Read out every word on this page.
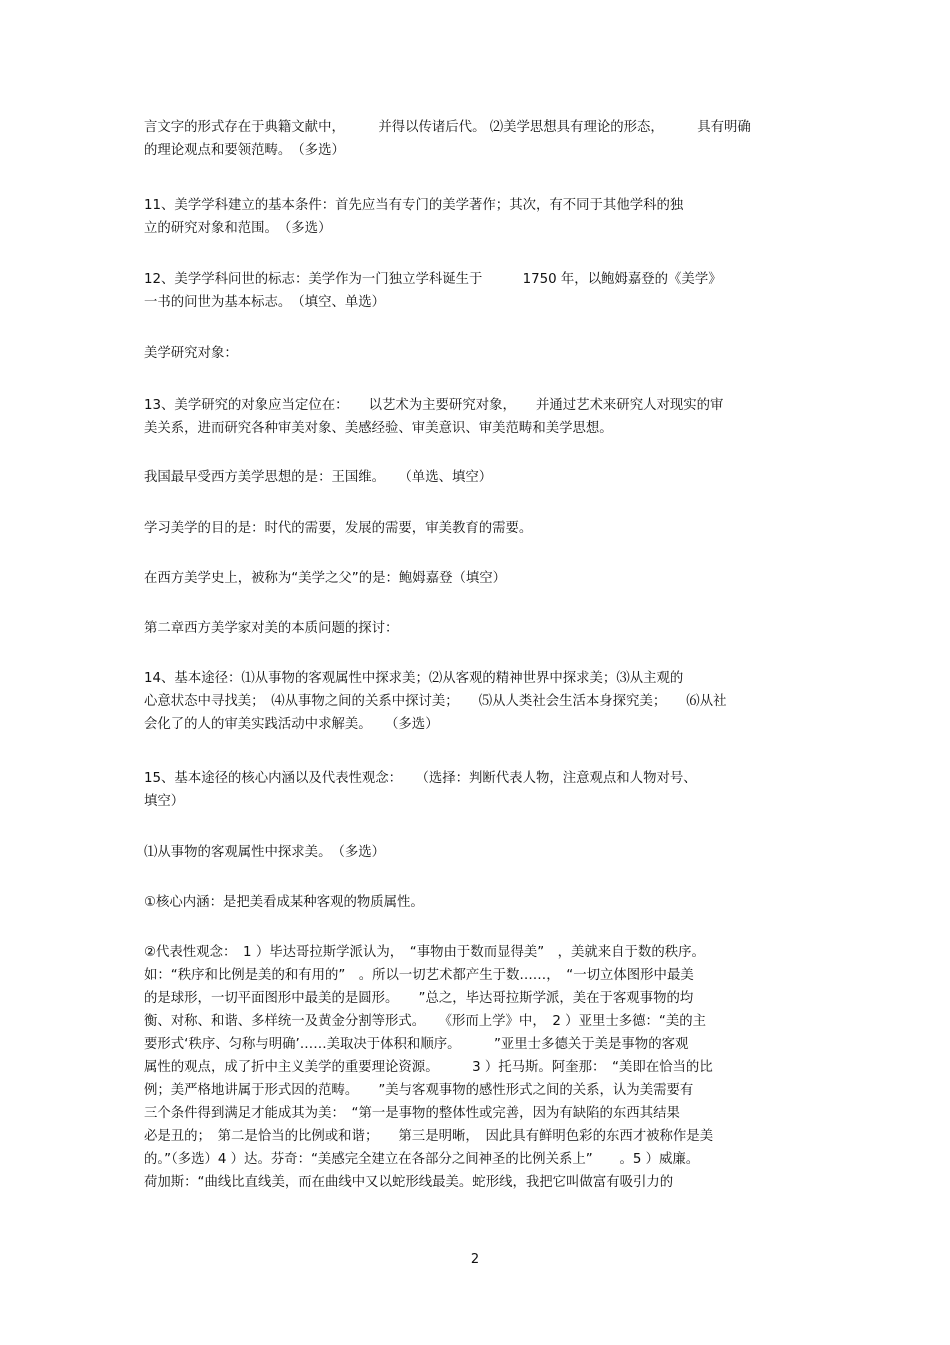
言文字的形式存在于典籍文献中，　　　并得以传诸后代。 ⑵美学思想具有理论的形态，　　　具有明确
的理论观点和要领范畴。　（多选）
11、美学学科建立的基本条件：首先应当有专门的美学著作；其次，有不同于其他学科的独
立的研究对象和范围。　（多选）
12、美学学科问世的标志：美学作为一门独立学科诞生于　　　1750 年，以鲍姆嘉登的《美学》
一书的问世为基本标志。　（填空、单选）
美学研究对象：
13、美学研究的对象应当定位在：　　以艺术为主要研究对象，　　并通过艺术来研究人对现实的审
美关系，进而研究各种审美对象、美感经验、审美意识、审美范畴和美学思想。
我国最早受西方美学思想的是：王国维。　　（单选、填空）
学习美学的目的是：时代的需要，发展的需要，审美教育的需要。
在西方美学史上，被称为“美学之父”的是：鲍姆嘉登（填空）
第二章西方美学家对美的本质问题的探讨：
14、基本途径：⑴从事物的客观属性中探求美；⑵从客观的精神世界中探求美；⑶从主观的
心意状态中寻找美；　⑷从事物之间的关系中探讨美；　　⑸从人类社会生活本身探究美；　　⑹从社
会化了的人的审美实践活动中求解美。　　（多选）
15、基本途径的核心内涵以及代表性观念：　　（选择：判断代表人物，注意观点和人物对号、
填空）
⑴从事物的客观属性中探求美。　（多选）
①核心内涵：是把美看成某种客观的物质属性。
②代表性观念：　1 ）毕达哥拉斯学派认为，　“事物由于数而显得美”　，美就来自于数的秩序。
如：“秩序和比例是美的和有用的”　。所以一切艺术都产生于数……，　“一切立体图形中最美
的是球形，一切平面图形中最美的是圆形。　　”总之，毕达哥拉斯学派，美在于客观事物的均
衡、对称、和谐、多样统一及黄金分割等形式。　　《形而上学》中，　2 ）亚里士多德：“美的主
要形式‘秩序、匀称与明确’……美取决于体积和顺序。　　　”亚里士多德关于美是事物的客观
属性的观点，成了折中主义美学的重要理论资源。　　　3 ）托马斯。阿奎那：　“美即在恰当的比
例；美严格地讲属于形式因的范畴。　　”美与客观事物的感性形式之间的关系，认为美需要有
三个条件得到满足才能成其为美：　“第一是事物的整体性或完善，因为有缺陷的东西其结果
必是丑的；　第二是恰当的比例或和谐；　　第三是明晰，　因此具有鲜明色彩的东西才被称作是美
的。”（多选）4 ）达。芬奇：“美感完全建立在各部分之间神圣的比例关系上”　　。5 ）威廉。
荷加斯：“曲线比直线美，而在曲线中又以蛇形线最美。蛇形线，我把它叫做富有吸引力的
2
